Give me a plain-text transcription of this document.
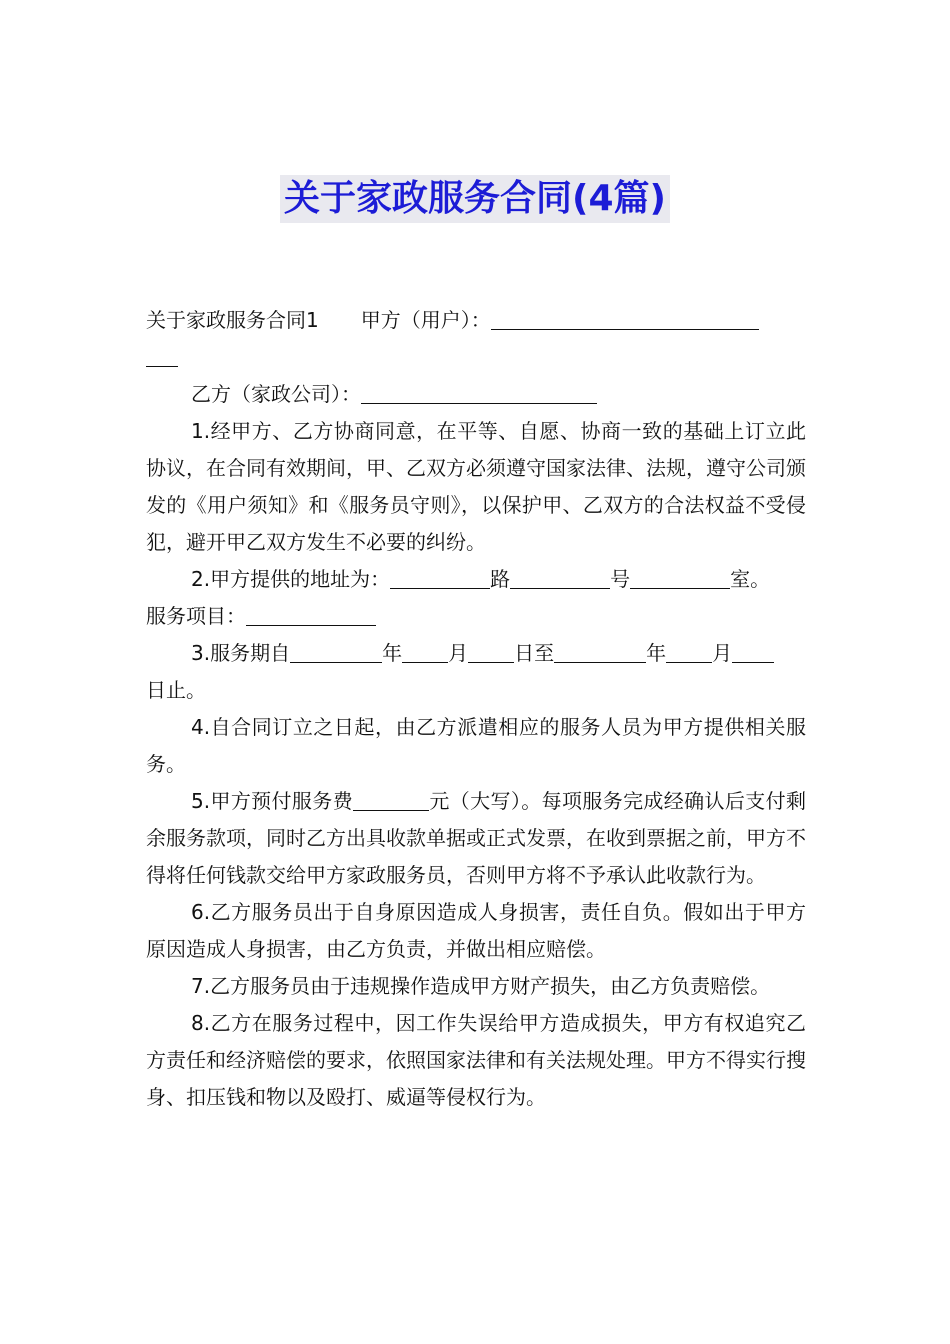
关于家政服务合同(4篇)

关于家政服务合同1 甲方（用户）：

乙方（家政公司）：

1.经甲方、乙方协商同意，在平等、自愿、协商一致的基础上订立此协议，在合同有效期间，甲、乙双方必须遵守国家法律、法规，遵守公司颁发的《用户须知》和《服务员守则》，以保护甲、乙双方的合法权益不受侵犯，避开甲乙双方发生不必要的纠纷。

2.甲方提供的地址为：	路	号	室。
服务项目：

3.服务期自	年 月 日至	年 月
日止。

4.自合同订立之日起，由乙方派遣相应的服务人员为甲方提供相关服务。

5.甲方预付服务费	元（大写）。每项服务完成经确认后支付剩余服务款项，同时乙方出具收款单据或正式发票，在收到票据之前，甲方不得将任何钱款交给甲方家政服务员，否则甲方将不予承认此收款行为。

6.乙方服务员出于自身原因造成人身损害，责任自负。假如出于甲方原因造成人身损害，由乙方负责，并做出相应赔偿。

7.乙方服务员由于违规操作造成甲方财产损失，由乙方负责赔偿。

8.乙方在服务过程中，因工作失误给甲方造成损失，甲方有权追究乙方责任和经济赔偿的要求，依照国家法律和有关法规处理。甲方不得实行搜身、扣压钱和物以及殴打、威逼等侵权行为。
